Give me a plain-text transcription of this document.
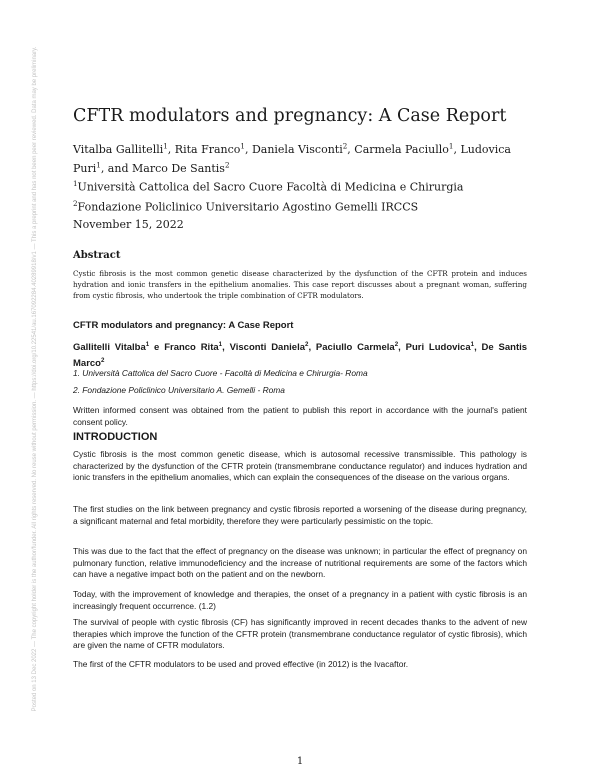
Posted on 13 Dec 2022 — The copyright holder is the author/funder. All rights reserved. No reuse without permission. — https://doi.org/10.22541/au.167092284.40289918/v1 — This a preprint and has not been peer reviewed. Data may be preliminary. CFTR modulators and pregnancy: A Case Report
Vitalba Gallitelli$^1$, Rita Franco$^1$, Daniela Visconti$^2$, Carmela Paciullo$^1$, Ludovica Puri$^1$, and Marco De Santis$^2$
$^1$Università Cattolica del Sacro Cuore Facoltà di Medicina e Chirurgia
$^2$Fondazione Policlinico Universitario Agostino Gemelli IRCCS
November 15, 2022
Abstract
Cystic fibrosis is the most common genetic disease characterized by the dysfunction of the CFTR protein and induces hydration and ionic transfers in the epithelium anomalies. This case report discusses about a pregnant woman, suffering from cystic fibrosis, who undertook the triple combination of CFTR modulators.
CFTR modulators and pregnancy: A Case Report
Gallitelli Vitalba$^1$ e Franco Rita$^1$, Visconti Daniela$^2$, Paciullo Carmela$^2$, Puri Ludovica$^1$, De Santis Marco$^2$
1. Università Cattolica del Sacro Cuore - Facoltà di Medicina e Chirurgia- Roma
2. Fondazione Policlinico Universitario A. Gemelli - Roma

Written informed consent was obtained from the patient to publish this report in accordance with the journal's patient consent policy.

INTRODUCTION

Cystic fibrosis is the most common genetic disease, which is autosomal recessive transmissible. This pathology is characterized by the dysfunction of the CFTR protein (transmembrane conductance regulator) and induces hydration and ionic transfers in the epithelium anomalies, which can explain the consequences of the disease on the various organs.

The first studies on the link between pregnancy and cystic fibrosis reported a worsening of the disease during pregnancy, a significant maternal and fetal morbidity, therefore they were particularly pessimistic on the topic.

This was due to the fact that the effect of pregnancy on the disease was unknown; in particular the effect of pregnancy on pulmonary function, relative immunodeficiency and the increase of nutritional requirements are some of the factors which can have a negative impact both on the patient and on the newborn.

Today, with the improvement of knowledge and therapies, the onset of a pregnancy in a patient with cystic fibrosis is an increasingly frequent occurrence. (1.2)

The survival of people with cystic fibrosis (CF) has significantly improved in recent decades thanks to the advent of new therapies which improve the function of the CFTR protein (transmembrane conductance regulator of cystic fibrosis), which are given the name of CFTR modulators.

The first of the CFTR modulators to be used and proved effective (in 2012) is the Ivacaftor.

1
